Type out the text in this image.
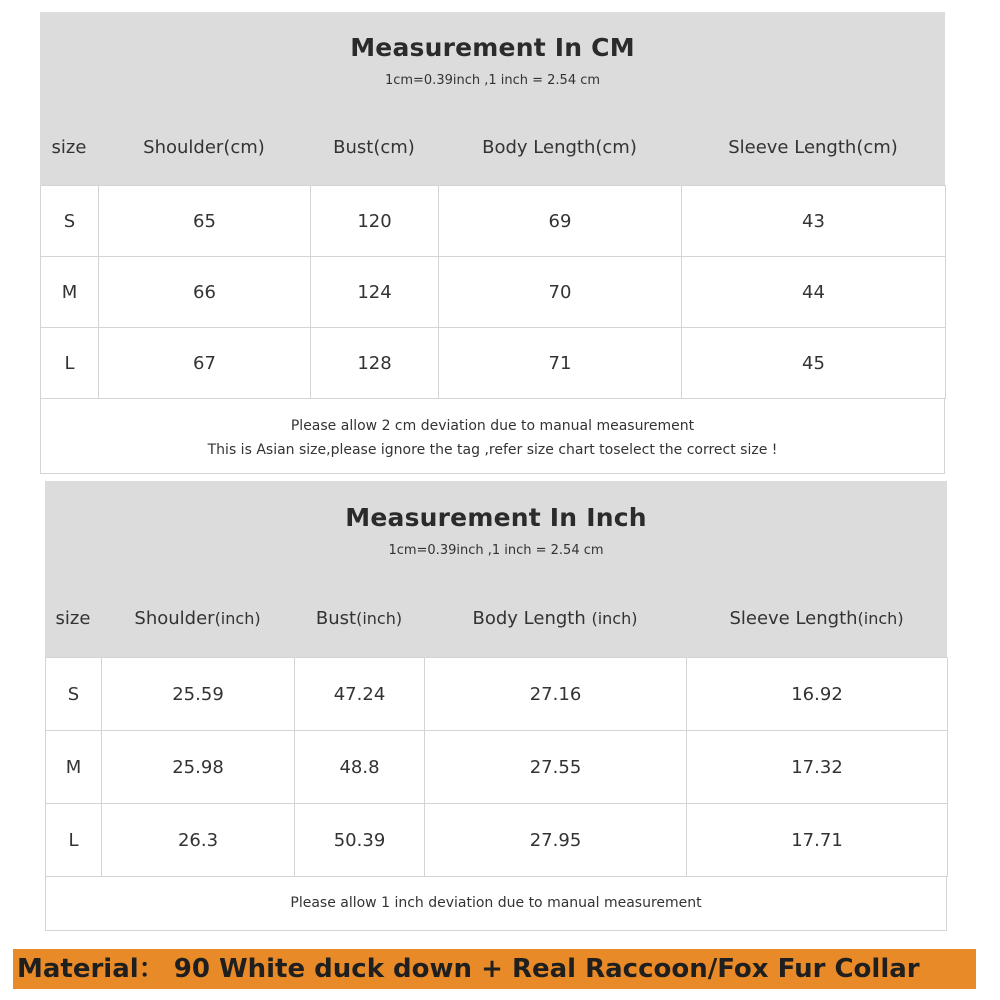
Measurement In CM
1cm=0.39inch ,1 inch = 2.54 cm
size	Shoulder(cm)	Bust(cm)	Body Length(cm)	Sleeve Length(cm)
S	65	120	69	43
M	66	124	70	44
L	67	128	71	45
Please allow 2 cm deviation due to manual measurement
This is Asian size,please ignore the tag ,refer size chart toselect the correct size !
Measurement In Inch
1cm=0.39inch ,1 inch = 2.54 cm
size	Shoulder(inch)	Bust(inch)	Body Length (inch)	Sleeve Length(inch)
S	25.59	47.24	27.16	16.92
M	25.98	48.8	27.55	17.32
L	26.3	50.39	27.95	17.71
Please allow 1 inch deviation due to manual measurement
Material： 90 White duck down + Real Raccoon/Fox Fur Collar
